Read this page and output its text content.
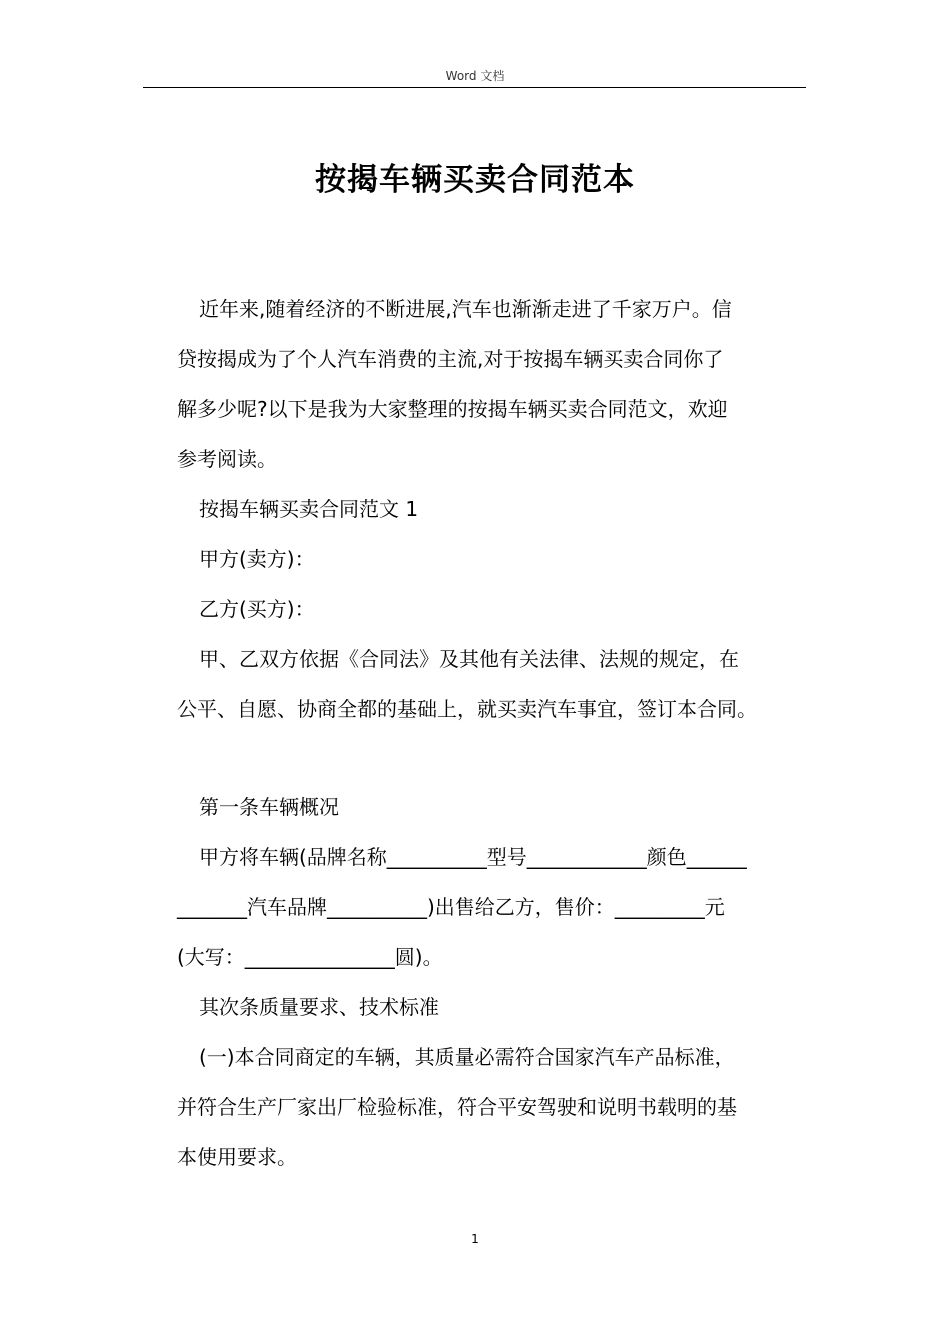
Word 文档
按揭车辆买卖合同范本
近年来,随着经济的不断进展,汽车也渐渐走进了千家万户。信
贷按揭成为了个人汽车消费的主流,对于按揭车辆买卖合同你了
解多少呢?以下是我为大家整理的按揭车辆买卖合同范文，欢迎
参考阅读。
按揭车辆买卖合同范文 1
甲方(卖方)：
乙方(买方)：
甲、乙双方依据《合同法》及其他有关法律、法规的规定，在
公平、自愿、协商全都的基础上，就买卖汽车事宜，签订本合同。
第一条车辆概况
甲方将车辆(品牌名称__________型号____________颜色______
_______汽车品牌__________)出售给乙方，售价：_________元
(大写：_______________圆)。
其次条质量要求、技术标准
(一)本合同商定的车辆，其质量必需符合国家汽车产品标准，
并符合生产厂家出厂检验标准，符合平安驾驶和说明书载明的基
本使用要求。
1
